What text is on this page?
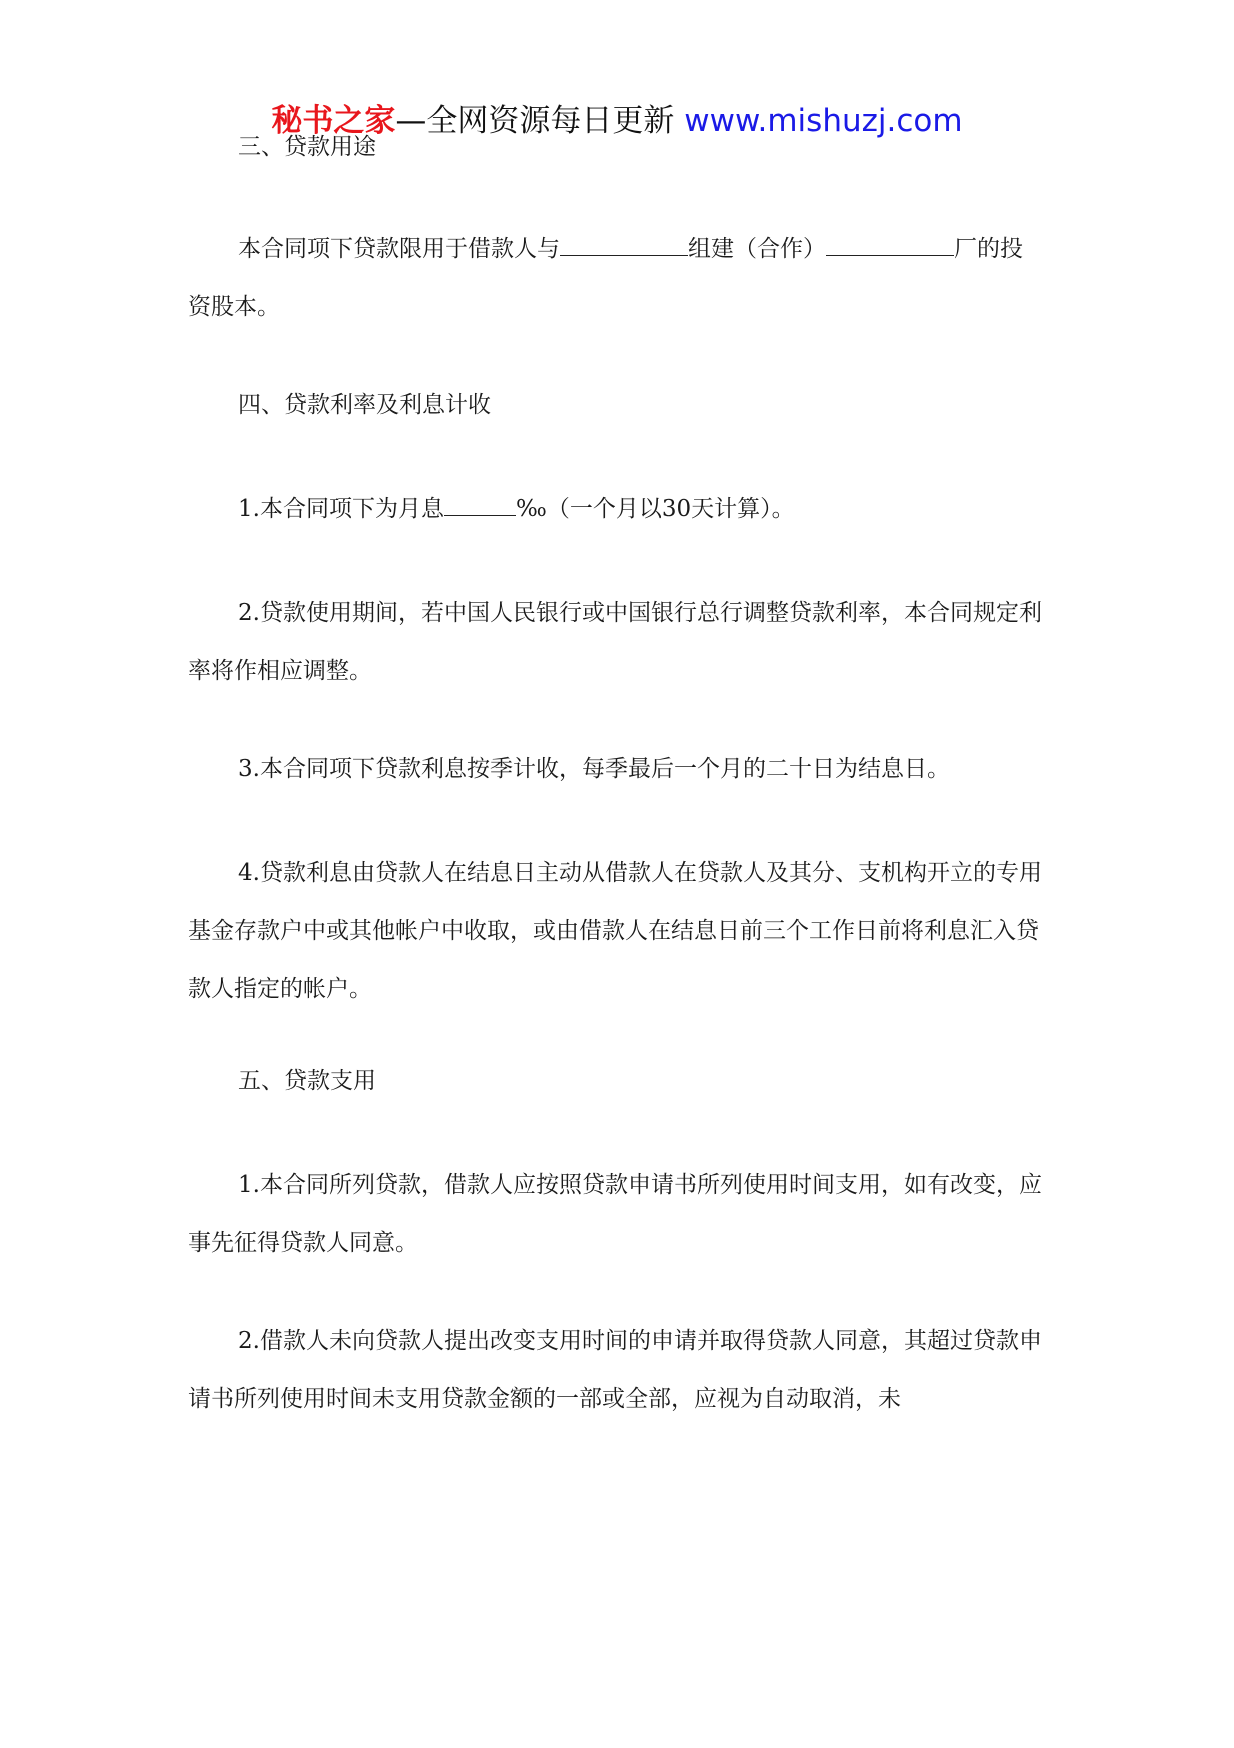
秘书之家—全网资源每日更新 www.mishuzj.com

三、贷款用途

本合同项下贷款限用于借款人与	组建（合作）	厂的投资股本。

四、贷款利率及利息计收

1.本合同项下为月息	‰（一个月以30天计算）。

2.贷款使用期间，若中国人民银行或中国银行总行调整贷款利率，本合同规定利率将作相应调整。

3.本合同项下贷款利息按季计收，每季最后一个月的二十日为结息日。

4.贷款利息由贷款人在结息日主动从借款人在贷款人及其分、支机构开立的专用基金存款户中或其他帐户中收取，或由借款人在结息日前三个工作日前将利息汇入贷款人指定的帐户。

五、贷款支用

1.本合同所列贷款，借款人应按照贷款申请书所列使用时间支用，如有改变，应事先征得贷款人同意。

2.借款人未向贷款人提出改变支用时间的申请并取得贷款人同意，其超过贷款申请书所列使用时间未支用贷款金额的一部或全部，应视为自动取消，未
